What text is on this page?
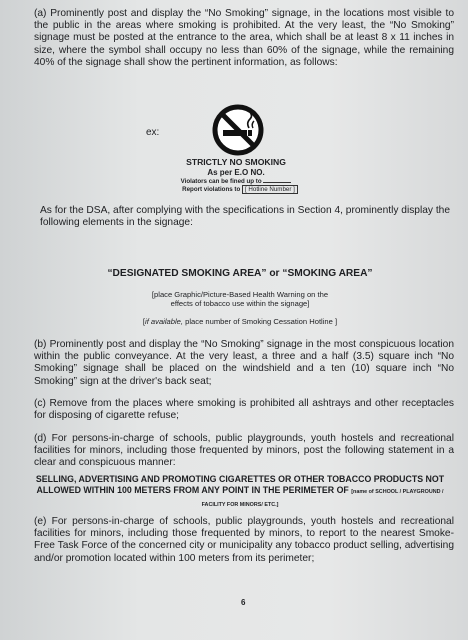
(a) Prominently post and display the “No Smoking” signage, in the locations most visible to the public in the areas where smoking is prohibited. At the very least, the “No Smoking” signage must be posted at the entrance to the area, which shall be at least 8 x 11 inches in size, where the symbol shall occupy no less than 60% of the signage, while the remaining 40% of the signage shall show the pertinent information, as follows:

ex:

STRICTLY NO SMOKING

As per E.O NO.

Violators can be fined up to

Report violations to [ Hotline Number ]

As for the DSA, after complying with the specifications in Section 4, prominently display the following elements in the signage:

“DESIGNATED SMOKING AREA” or “SMOKING AREA”

[place Graphic/Picture-Based Health Warning on the effects of tobacco use within the signage]

[if available, place number of Smoking Cessation Hotline ]

(b) Prominently post and display the “No Smoking” signage in the most conspicuous location within the public conveyance. At the very least, a three and a half (3.5) square inch “No Smoking” signage shall be placed on the windshield and a ten (10) square inch “No Smoking” sign at the driver's back seat;

(c) Remove from the places where smoking is prohibited all ashtrays and other receptacles for disposing of cigarette refuse;

(d) For persons-in-charge of schools, public playgrounds, youth hostels and recreational facilities for minors, including those frequented by minors, post the following statement in a clear and conspicuous manner:

SELLING, ADVERTISING AND PROMOTING CIGARETTES OR OTHER TOBACCO PRODUCTS NOT ALLOWED WITHIN 100 METERS FROM ANY POINT IN THE PERIMETER OF [name of SCHOOL / PLAYGROUND / FACILITY FOR MINORS/ ETC.]

(e) For persons-in-charge of schools, public playgrounds, youth hostels and recreational facilities for minors, including those frequented by minors, to report to the nearest Smoke-Free Task Force of the concerned city or municipality any tobacco product selling, advertising and/or promotion located within 100 meters from its perimeter;

6
